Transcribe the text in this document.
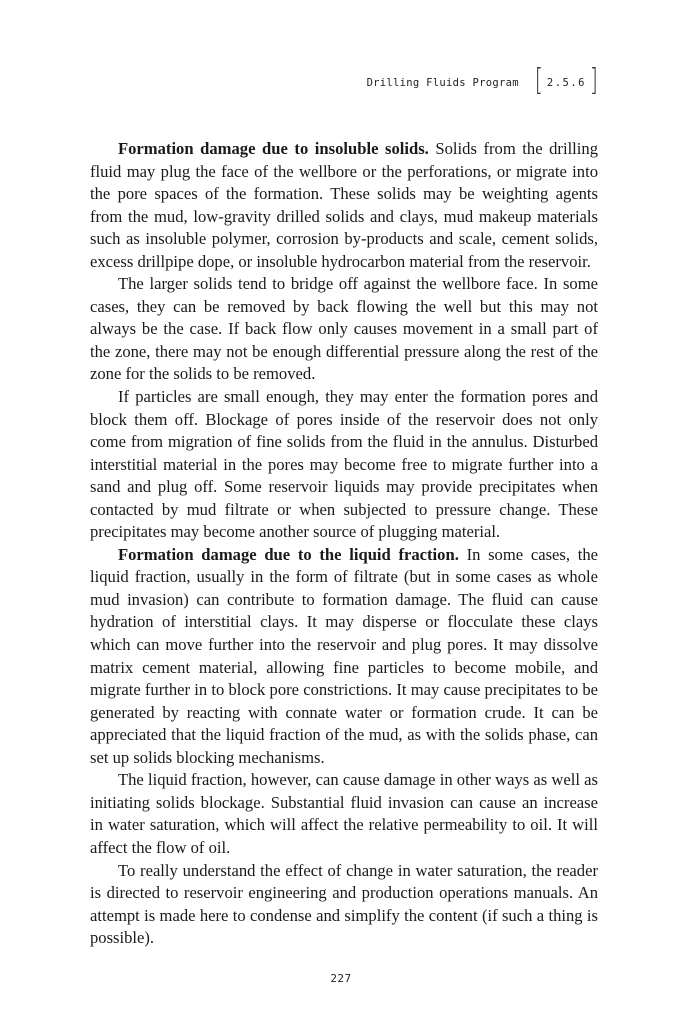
Drilling Fluids Program [ 2.5.6 ]

Formation damage due to insoluble solids. Solids from the drilling fluid may plug the face of the wellbore or the perforations, or migrate into the pore spaces of the formation. These solids may be weighting agents from the mud, low-gravity drilled solids and clays, mud makeup materials such as insoluble polymer, corrosion by-products and scale, cement solids, excess drillpipe dope, or insoluble hydrocarbon material from the reservoir.

The larger solids tend to bridge off against the wellbore face. In some cases, they can be removed by back flowing the well but this may not always be the case. If back flow only causes movement in a small part of the zone, there may not be enough differential pressure along the rest of the zone for the solids to be removed.

If particles are small enough, they may enter the formation pores and block them off. Blockage of pores inside of the reservoir does not only come from migration of fine solids from the fluid in the annulus. Disturbed interstitial material in the pores may become free to migrate further into a sand and plug off. Some reservoir liquids may provide precipitates when contacted by mud filtrate or when subjected to pressure change. These precipitates may become another source of plugging material.

Formation damage due to the liquid fraction. In some cases, the liquid fraction, usually in the form of filtrate (but in some cases as whole mud invasion) can contribute to formation damage. The fluid can cause hydration of interstitial clays. It may disperse or flocculate these clays which can move further into the reservoir and plug pores. It may dissolve matrix cement material, allowing fine particles to become mobile, and migrate further in to block pore constrictions. It may cause precipitates to be generated by reacting with connate water or formation crude. It can be appreciated that the liquid fraction of the mud, as with the solids phase, can set up solids blocking mechanisms.

The liquid fraction, however, can cause damage in other ways as well as initiating solids blockage. Substantial fluid invasion can cause an increase in water saturation, which will affect the relative permeability to oil. It will affect the flow of oil.

To really understand the effect of change in water saturation, the reader is directed to reservoir engineering and production operations manuals. An attempt is made here to condense and simplify the content (if such a thing is possible).

227
